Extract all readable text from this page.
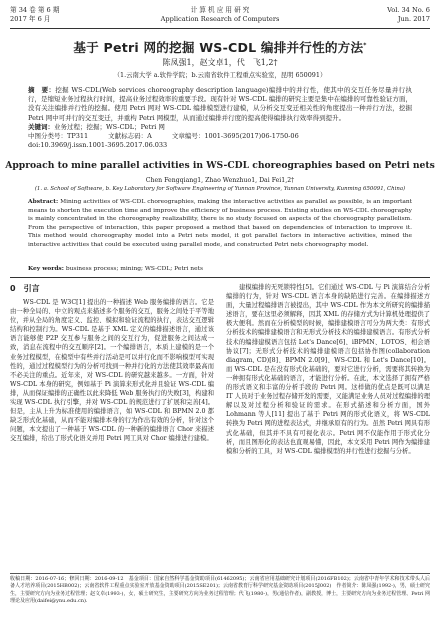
第 34 卷 第 6 期
2017 年 6 月
计 算 机 应 用 研 究
Application Research of Computers
Vol. 34 No. 6
Jun. 2017
基于 Petri 网的挖掘 WS-CDL 编排并行性的方法*
陈凤强1，赵文卓1，代　飞1,2†
（1.云南大学 a.软件学院；b.云南省软件工程重点实验室，昆明 650091）
摘　要：挖掘 WS-CDL(Web services choreography description language)编排中的并行性，使其中的交互任务尽量并行执行，是缩短业务过程执行时间，提高业务过程效率的重要手段。现有针对 WS-CDL 编排的研究主要是集中在编排的可靠性验证方面，没有关注编排并行性的挖掘。使用 Petri 网对 WS-CDL 编排模型进行建模，从分析交互变迁相关性的角度提出一种并行方法，挖掘 Petri 网中可并行的交互变迁，并重构 Petri 网模型，从而通过编排并行度的提高使得编排执行效率得到提升。
关键词：业务过程；挖掘；WS-CDL；Petri 网
中图分类号：TP311	文献标志码：A	文章编号：1001-3695(2017)06-1750-06
doi:10.3969/j.issn.1001-3695.2017.06.033
Approach to mine parallel activities in WS-CDL choreographies based on Petri nets
Chen Fengqiang1, Zhao Wenzhuo1, Dai Fei1,2†
(1. a. School of Software, b. Key Laboratory for Software Engineering of Yunnan Province, Yunnan University, Kunming 650091, China)
Abstract: Mining activities of WS-CDL choreographies, making the interactive activities as parallel as possible, is an important means to shorten the execution time and improve the efficiency of business process. Existing studies on WS-CDL choreography is mainly concentrated in the choreography realizability, there is no study focused on aspects of the choreography parallelism. From the perspective of interaction, this paper proposed a method that based on dependencies of interaction to improve it. This method would choreography model into a Petri nets model, it got parallel factors in interactive activities, mined the interactive activities that could be executed using parallel mode, and constructed Petri nets choreography model.
Key words: business process; mining; WS-CDL; Petri nets
0　引言

WS-CDL 是 W3C[1] 提出的一种描述 Web 服务编排的语言。它是由一种全局的、中立的观点来描述多个服务的交互，服务之间处于平等地位，并从全局的角度定义、监控、模拟和验证流程的执行，表达交互逻辑结构和控制行为。WS-CDL 是基于 XML 定义的编排描述语言，通过该语言能够使 P2P 交互参与服务之间的交互行为，促进服务之间达成一致，消息在流程中的交互顺序[2]。一个编排语言，本质上建模的是一个业务过程模型，在模型中有些并行活动是可以并行化而不影响模型可实现性的，通过过程模型行为的分析可找到一种并行化的方法使其效率最高而不必关注的重点。近年来，对 WS-CDL 的研究越来越多。一方面，针对 WS-CDL 本身的研究，例如基于 Pi 演算来形式化并且验证 WS-CDL 编排，从而保证编排的正确性以此来降低 Web 服务执行的失败[3]，构建和实现 WS-CDL 执行引擎，并对 WS-CDL 的规范进行了扩展和完善[4]。但是，主从上升为标准使用的编排语言，如 WS-CDL 和 BPMN 2.0 都缺乏形式化基础，从而不能对编排本身的行为作出有效的分析，针对这个问题，本文提出了一种基于 WS-CDL 的一种新的编排语言 Chor 来描述交互编排，给出了形式化语义并用 Petri 网工具对 Chor 编排进行建模。

建模编排的无死锁特性[5]。它们通过 WS-CDL 与 Pi 演算结合分析编排的行为，针对 WS-CDL 语言本身的缺陷进行完善。在编排描述方面，大量过程编排语言被提出，其中 WS-CDL 作为本文所研究的编排描述语言，要在这里必须解释，因其 XML 的存储方式为计算机处理提供了极大便利。然而在分析模型的时候，编排建模语言可分为两大类：有形式分析技术的编排建模语言和无形式分析技术的编排建模语言。有形式分析技术的编排建模语言包括 Let's Dance[6]、iBPMN、LOTOS、相会语协议[7]；无形式分析技术的编排建模语言包括协作图(collaboration diagram, CD)[8]、BPMN 2.0[9]、WS-CDL 和 Let's Dance[10]。而 WS-CDL 是在没有形式化基础的，要对它进行分析，需要将其转换为一种拥有形式化基础的语言，才能进行分析。在此，本文选择了拥有严格的形式语义和丰富的分析手段的 Petri 网。这样做的优点是既可以满足 IT 人员对于业务过程存储开发的需要，又能满足业务人员对过程编排的理解以及对过程分析和验证的需求。在形式描述和分析方面，国外 Lohmann 等人[11] 提出了基于 Petri 网的形式化语义，将 WS-CDL 转换为 Petri 网的进程表达式，并继承原有的行为。虽然 Petri 网具有形式化基础，但其并不具有可视化表示。Petri 网不仅能作用于形式化分析，而且图形化的表达也直观易懂，因此，本文采用 Petri 网作为编排建模和分析的工具，对 WS-CDL 编排模型的并行性进行挖掘与分析。

收稿日期：2016-07-16；修回日期：2016-09-12　基金项目：国家自然科学基金资助项目(61462095)；云南省应用基础研究计划项目(2016FB102)；云南省中青年学术和技术带头人后备人才培养项目(2015HB002)；云南省软件工程重点实验室开放基金资助项目(2015SE201)；云南省教育厅科学研究基金资助项目(2015J002)　作者简介：陈凤强(1992-)，男，硕士研究生，主要研究方向为业务过程管理；赵文卓(1993-)，女，硕士研究生，主要研究方向为业务过程管理；代飞(1980-)，男(通信作者)，副教授，博士，主要研究方向为业务过程管理、Petri 网理论及应用(daifei@ynu.edu.cn).
